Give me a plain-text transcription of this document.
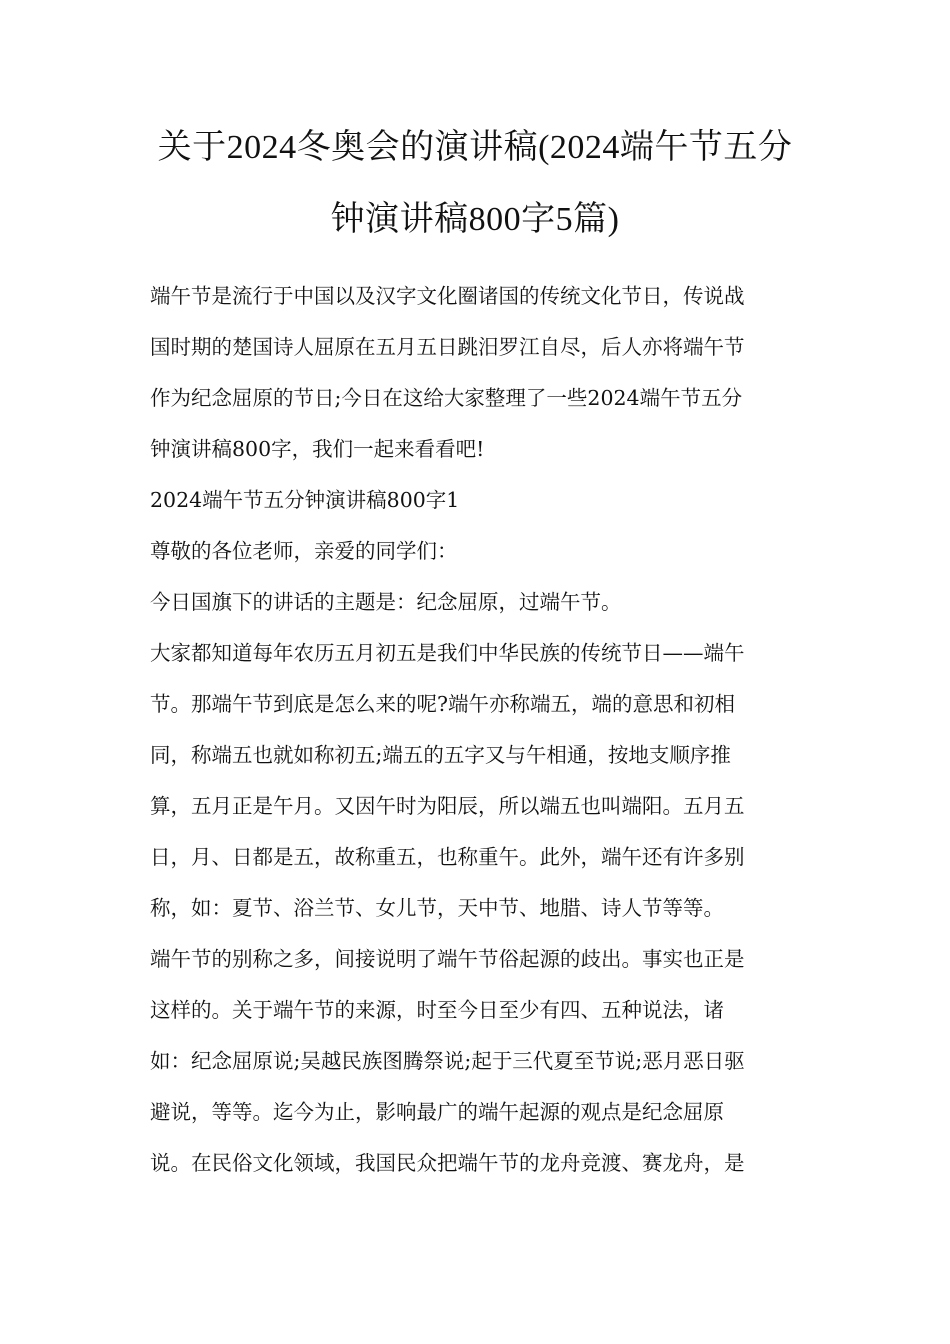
关于2024冬奥会的演讲稿(2024端午节五分
钟演讲稿800字5篇)
端午节是流行于中国以及汉字文化圈诸国的传统文化节日，传说战
国时期的楚国诗人屈原在五月五日跳汨罗江自尽，后人亦将端午节
作为纪念屈原的节日;今日在这给大家整理了一些2024端午节五分
钟演讲稿800字，我们一起来看看吧!
2024端午节五分钟演讲稿800字1
尊敬的各位老师，亲爱的同学们：
今日国旗下的讲话的主题是：纪念屈原，过端午节。
大家都知道每年农历五月初五是我们中华民族的传统节日——端午
节。那端午节到底是怎么来的呢?端午亦称端五，端的意思和初相
同，称端五也就如称初五;端五的五字又与午相通，按地支顺序推
算，五月正是午月。又因午时为阳辰，所以端五也叫端阳。五月五
日，月、日都是五，故称重五，也称重午。此外，端午还有许多别
称，如：夏节、浴兰节、女儿节，天中节、地腊、诗人节等等。
端午节的别称之多，间接说明了端午节俗起源的歧出。事实也正是
这样的。关于端午节的来源，时至今日至少有四、五种说法，诸
如：纪念屈原说;吴越民族图腾祭说;起于三代夏至节说;恶月恶日驱
避说，等等。迄今为止，影响最广的端午起源的观点是纪念屈原
说。在民俗文化领域，我国民众把端午节的龙舟竞渡、赛龙舟，是
